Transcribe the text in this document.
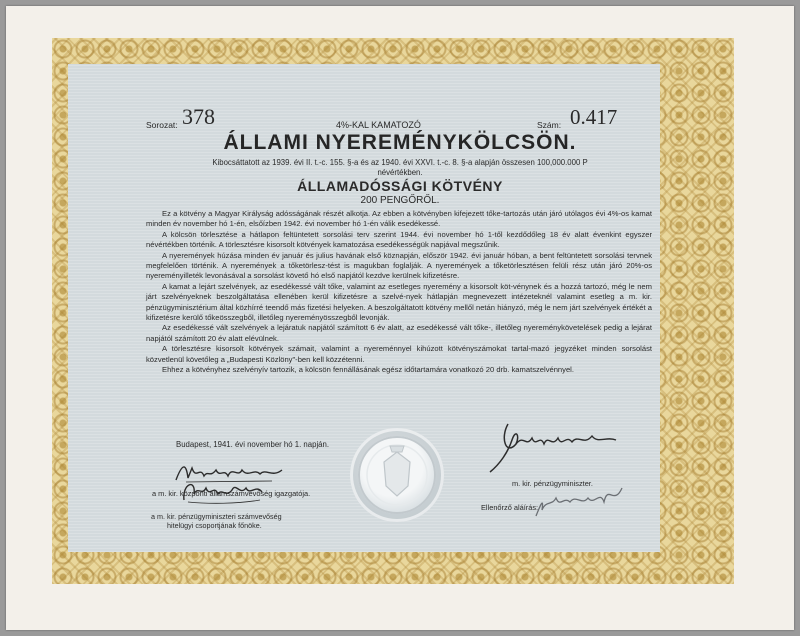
Sorozat: 378	4%-KAL KAMATOZÓ	Szám: 0.417
ÁLLAMI NYEREMÉNYKÖLCSÖN.
Kibocsáttatott az 1939. évi II. t.-c. 155. §-a és az 1940. évi XXVI. t.-c. 8. §-a alapján összesen 100,000.000 P
névértékben.
ÁLLAMADÓSSÁGI KÖTVÉNY
200 PENGŐRŐL.

Ez a kötvény a Magyar Királyság adósságának részét alkotja. Az ebben a kötvényben kifejezett tőke-tartozás után járó utólagos évi 4%-os kamat minden év november hó 1-én, elsőízben 1942. évi november hó 1-én válik esedékessé.

A kölcsön törlesztése a hátlapon feltüntetett sorsolási terv szerint 1944. évi november hó 1-től kezdődőleg 18 év alatt évenkint egyszer névértékben történik. A törlesztésre kisorsolt kötvények kamatozása esedékességük napjával megszűnik.

A nyeremények húzása minden év január és julius havának első köznapján, először 1942. évi január hóban, a bent feltüntetett sorsolási tervnek megfelelően történik. A nyeremények a tőketörlesz-tést is magukban foglalják. A nyeremények a tőketörlesztésen felüli rész után járó 20%-os nyereményilleték levonásával a sorsolást követő hó első napjától kezdve kerülnek kifizetésre.

A kamat a lejárt szelvények, az esedékessé vált tőke, valamint az esetleges nyeremény a kisorsolt köt-vénynek és a hozzá tartozó, még le nem járt szelvényeknek beszolgáltatása ellenében kerül kifizetésre a szelvé-nyek hátlapján megnevezett intézeteknél valamint esetleg a m. kir. pénzügyminisztérium által közhírré teendő más fizetési helyeken. A beszolgáltatott kötvény mellől netán hiányzó, még le nem járt szelvények értékét a kifizetésre kerülő tőkeösszegből, illetőleg nyereményösszegből levonják.

Az esedékessé vált szelvények a lejáratuk napjától számított 6 év alatt, az esedékessé vált tőke-, illetőleg nyereménykövetelések pedig a lejárat napjától számított 20 év alatt elévülnek.

A törlesztésre kisorsolt kötvények számait, valamint a nyereménnyel kihúzott kötvényszámokat tartal-mazó jegyzéket minden sorsolást közvetlenül követőleg a „Budapesti Közlöny"-ben kell közzétenni.

Ehhez a kötvényhez szelvényív tartozik, a kölcsön fennállásának egész időtartamára vonatkozó 20 drb. kamatszelvénnyel.

Budapest, 1941. évi november hó 1. napján.
a m. kir. központi államszámvevőség igazgatója.
a m. kir. pénzügyminiszteri számvevőség
hitelügyi csoportjának főnöke.
m. kir. pénzügyminiszter.
Ellenőrző aláírás:
